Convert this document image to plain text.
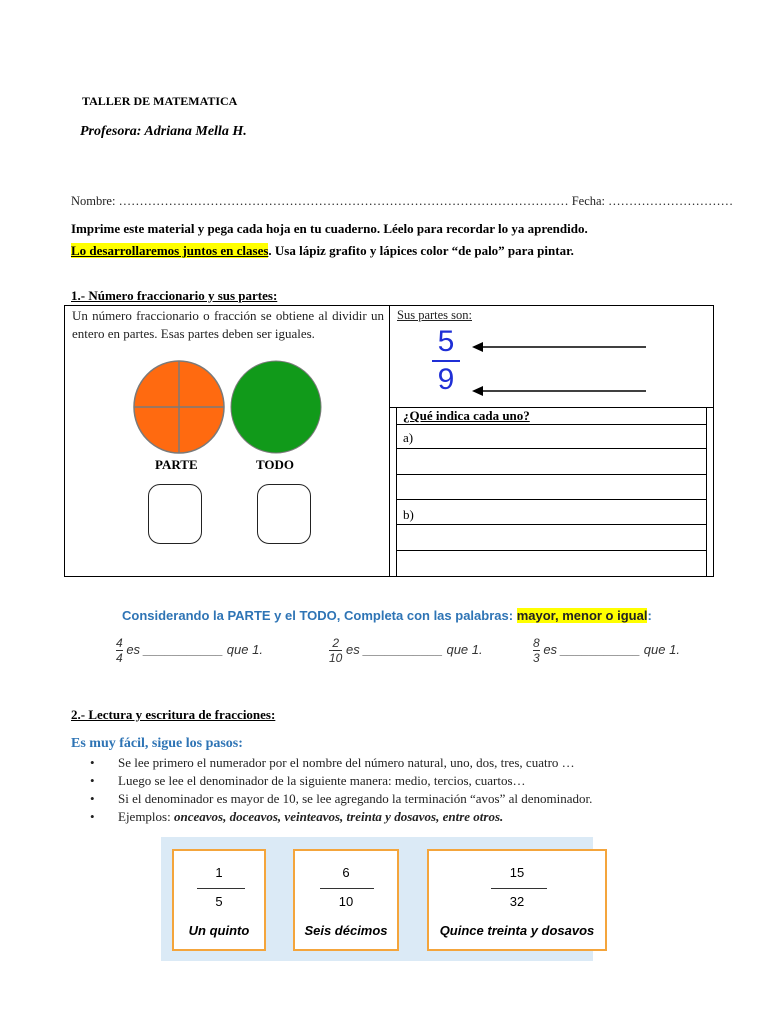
TALLER DE MATEMATICA
Profesora: Adriana Mella H.
Nombre: ……………………………………………………………………………………………… Fecha: …………………………
Imprime este material y pega cada hoja en tu cuaderno. Léelo para recordar lo ya aprendido.
Lo desarrollaremos juntos en clases. Usa lápiz grafito y lápices color “de palo” para pintar.
1.- Número fraccionario y sus partes:
Un número fraccionario o fracción se obtiene al dividir un entero en partes. Esas partes deben ser iguales.
PARTE	TODO
Sus partes son:
5
9
¿Qué indica cada uno?
a)
b)
Considerando la PARTE y el TODO, Completa con las palabras: mayor, menor o igual:
$\frac{4}{4}$ es ___________ que 1.	$\frac{2}{10}$ es ___________ que 1.	$\frac{8}{3}$ es ___________ que 1.
2.- Lectura y escritura de fracciones:
Es muy fácil, sigue los pasos:
• Se lee primero el numerador por el nombre del número natural, uno, dos, tres, cuatro …
• Luego se lee el denominador de la siguiente manera: medio, tercios, cuartos…
• Si el denominador es mayor de 10, se lee agregando la terminación “avos” al denominador.
• Ejemplos: onceavos, doceavos, veinteavos, treinta y dosavos, entre otros.
1
5
Un quinto
6
10
Seis décimos
15
32
Quince treinta y dosavos
